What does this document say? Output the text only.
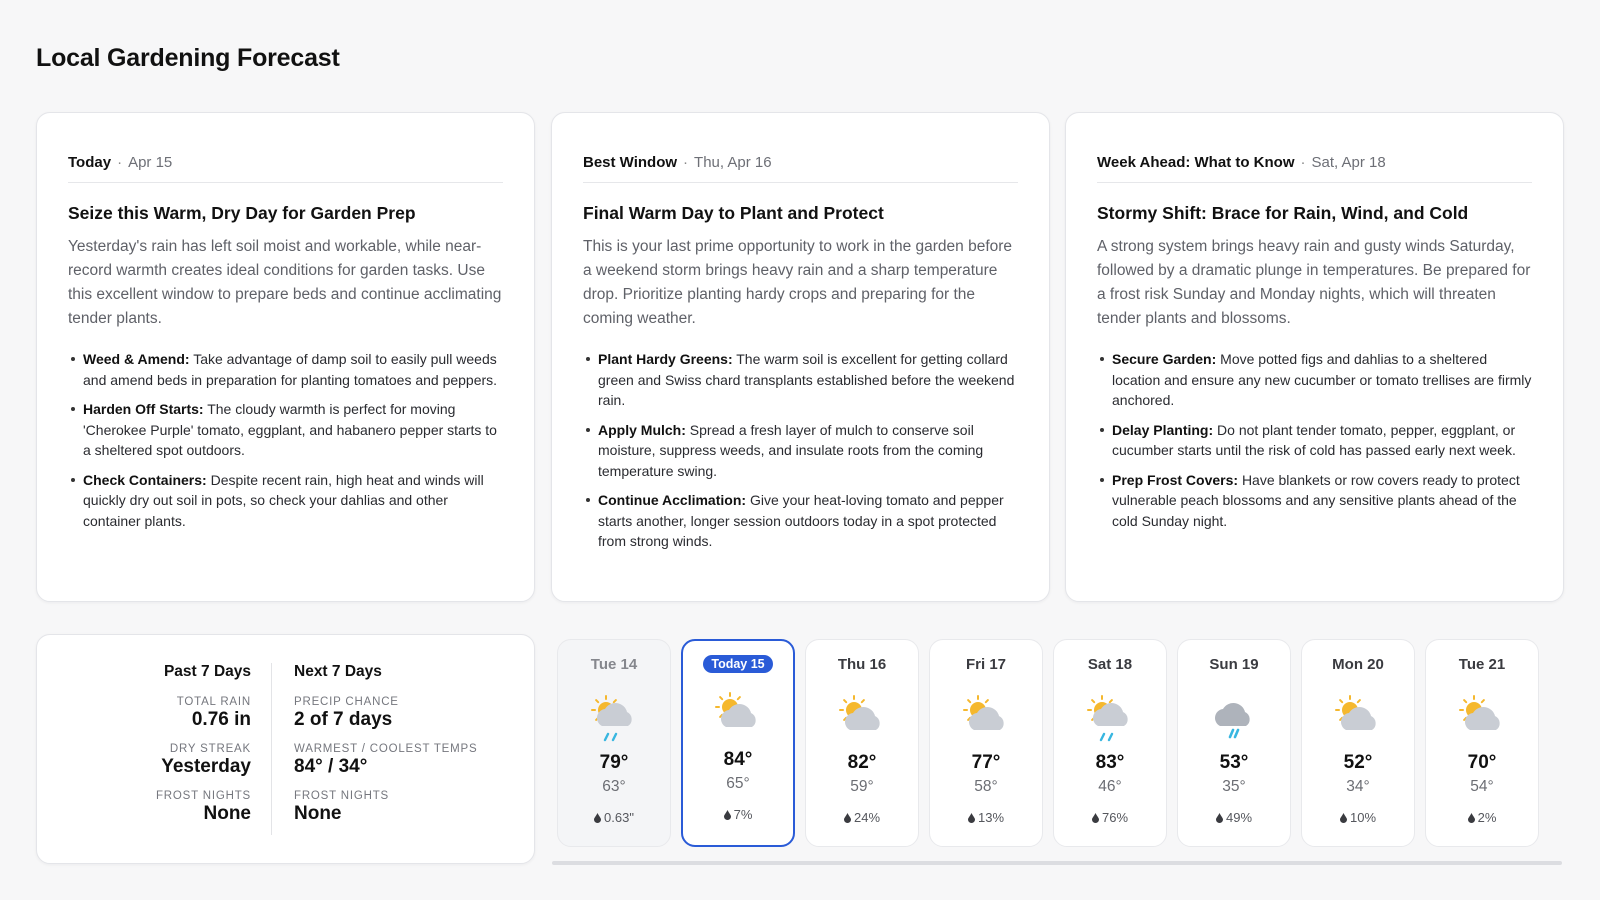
Local Gardening Forecast
Today · Apr 15
Seize this Warm, Dry Day for Garden Prep

Yesterday's rain has left soil moist and workable, while near-record warmth creates ideal conditions for garden tasks. Use this excellent window to prepare beds and continue acclimating tender plants.

Weed & Amend: Take advantage of damp soil to easily pull weeds and amend beds in preparation for planting tomatoes and peppers.
Harden Off Starts: The cloudy warmth is perfect for moving 'Cherokee Purple' tomato, eggplant, and habanero pepper starts to a sheltered spot outdoors.
Check Containers: Despite recent rain, high heat and winds will quickly dry out soil in pots, so check your dahlias and other container plants.
Best Window · Thu, Apr 16
Final Warm Day to Plant and Protect

This is your last prime opportunity to work in the garden before a weekend storm brings heavy rain and a sharp temperature drop. Prioritize planting hardy crops and preparing for the coming weather.

Plant Hardy Greens: The warm soil is excellent for getting collard green and Swiss chard transplants established before the weekend rain.
Apply Mulch: Spread a fresh layer of mulch to conserve soil moisture, suppress weeds, and insulate roots from the coming temperature swing.
Continue Acclimation: Give your heat-loving tomato and pepper starts another, longer session outdoors today in a spot protected from strong winds.
Week Ahead: What to Know · Sat, Apr 18
Stormy Shift: Brace for Rain, Wind, and Cold

A strong system brings heavy rain and gusty winds Saturday, followed by a dramatic plunge in temperatures. Be prepared for a frost risk Sunday and Monday nights, which will threaten tender plants and blossoms.

Secure Garden: Move potted figs and dahlias to a sheltered location and ensure any new cucumber or tomato trellises are firmly anchored.
Delay Planting: Do not plant tender tomato, pepper, eggplant, or cucumber starts until the risk of cold has passed early next week.
Prep Frost Covers: Have blankets or row covers ready to protect vulnerable peach blossoms and any sensitive plants ahead of the cold Sunday night.
Past 7 Days
TOTAL RAIN
0.76 in
DRY STREAK
Yesterday
FROST NIGHTS
None
Next 7 Days
PRECIP CHANCE
2 of 7 days
WARMEST / COOLEST TEMPS
84° / 34°
FROST NIGHTS
None
Tue 14
79°
63°
0.63"
Today 15
84°
65°
7%
Thu 16
82°
59°
24%
Fri 17
77°
58°
13%
Sat 18
83°
46°
76%
Sun 19
53°
35°
49%
Mon 20
52°
34°
10%
Tue 21
70°
54°
2%
